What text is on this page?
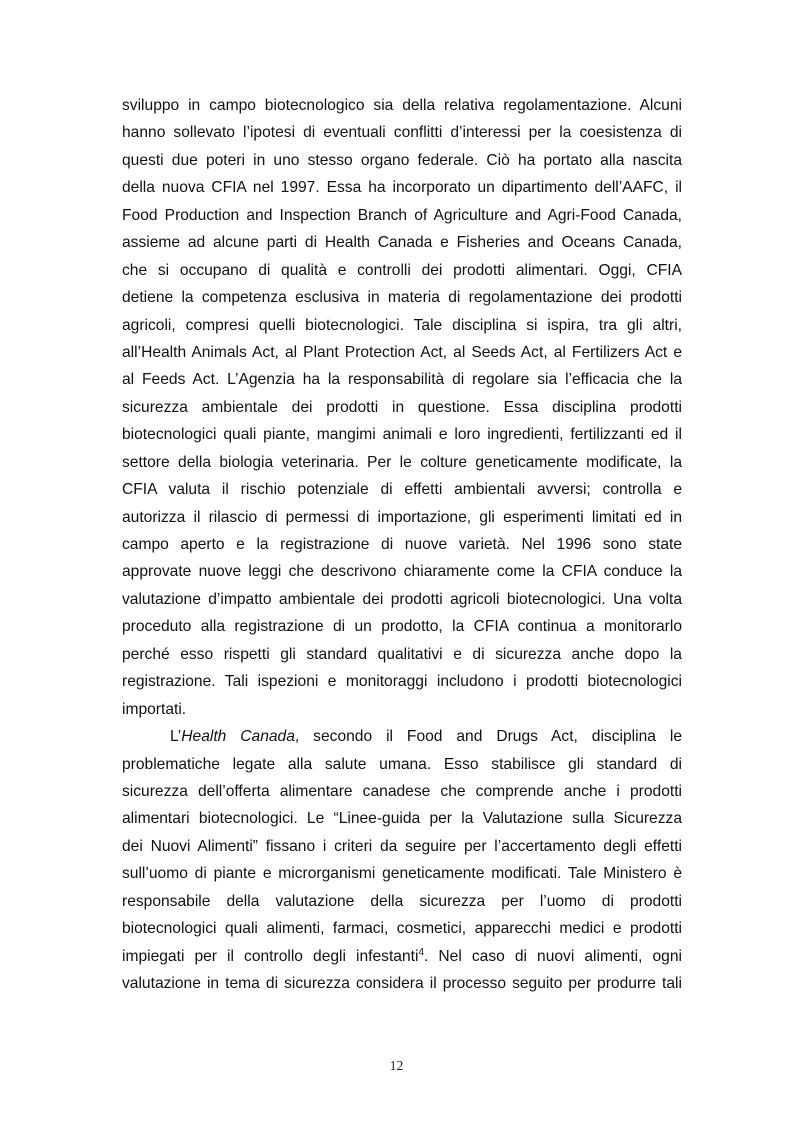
sviluppo in campo biotecnologico sia della relativa regolamentazione. Alcuni
hanno sollevato l’ipotesi di eventuali conflitti d’interessi per la coesistenza di
questi due poteri in uno stesso organo federale. Ciò ha portato alla nascita
della nuova CFIA nel 1997. Essa ha incorporato un dipartimento dell’AAFC, il
Food Production and Inspection Branch of Agriculture and Agri-Food Canada,
assieme ad alcune parti di Health Canada e Fisheries and Oceans Canada,
che si occupano di qualità e controlli dei prodotti alimentari. Oggi, CFIA
detiene la competenza esclusiva in materia di regolamentazione dei prodotti
agricoli, compresi quelli biotecnologici. Tale disciplina si ispira, tra gli altri,
all’Health Animals Act, al Plant Protection Act, al Seeds Act, al Fertilizers Act e
al Feeds Act. L’Agenzia ha la responsabilità di regolare sia l’efficacia che la
sicurezza ambientale dei prodotti in questione. Essa disciplina prodotti
biotecnologici quali piante, mangimi animali e loro ingredienti, fertilizzanti ed il
settore della biologia veterinaria. Per le colture geneticamente modificate, la
CFIA valuta il rischio potenziale di effetti ambientali avversi; controlla e
autorizza il rilascio di permessi di importazione, gli esperimenti limitati ed in
campo aperto e la registrazione di nuove varietà. Nel 1996 sono state
approvate nuove leggi che descrivono chiaramente come la CFIA conduce la
valutazione d’impatto ambientale dei prodotti agricoli biotecnologici. Una volta
proceduto alla registrazione di un prodotto, la CFIA continua a monitorarlo
perché esso rispetti gli standard qualitativi e di sicurezza anche dopo la
registrazione. Tali ispezioni e monitoraggi includono i prodotti biotecnologici
importati.
L’Health Canada, secondo il Food and Drugs Act, disciplina le
problematiche legate alla salute umana. Esso stabilisce gli standard di
sicurezza dell’offerta alimentare canadese che comprende anche i prodotti
alimentari biotecnologici. Le “Linee-guida per la Valutazione sulla Sicurezza
dei Nuovi Alimenti” fissano i criteri da seguire per l’accertamento degli effetti
sull’uomo di piante e microrganismi geneticamente modificati. Tale Ministero è
responsabile della valutazione della sicurezza per l’uomo di prodotti
biotecnologici quali alimenti, farmaci, cosmetici, apparecchi medici e prodotti
impiegati per il controllo degli infestanti$^4$. Nel caso di nuovi alimenti, ogni
valutazione in tema di sicurezza considera il processo seguito per produrre tali
12
